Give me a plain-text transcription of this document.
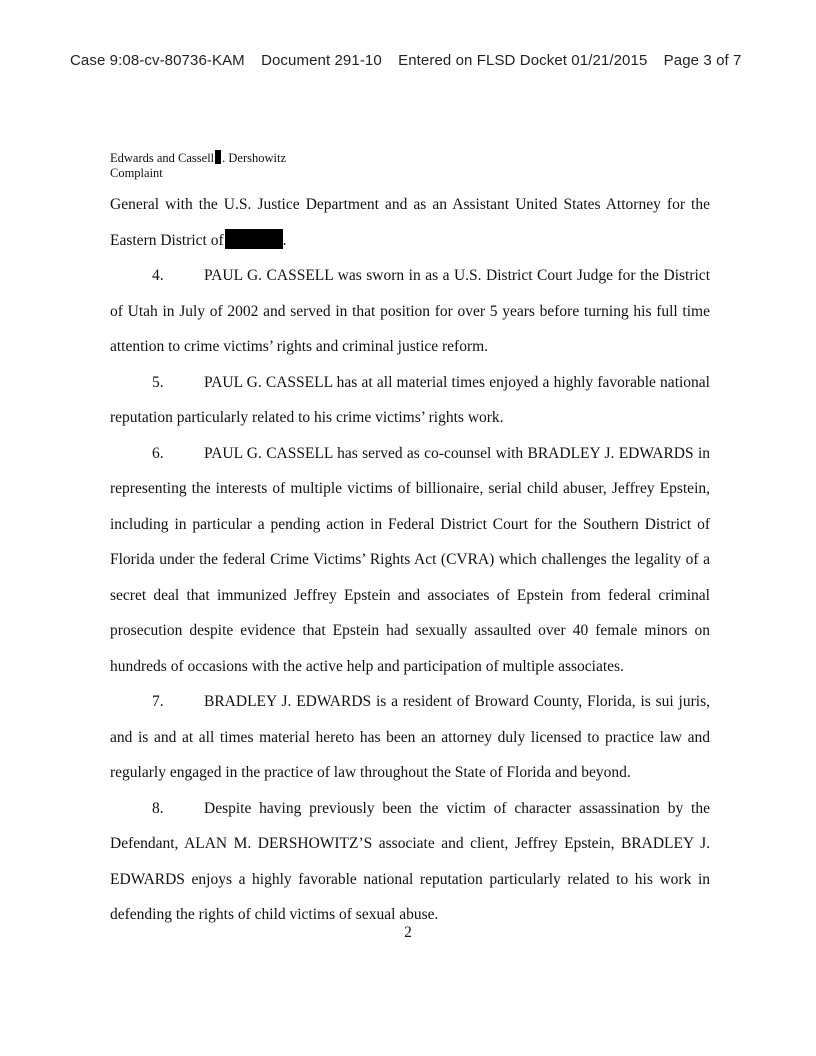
Case 9:08-cv-80736-KAM Document 291-10 Entered on FLSD Docket 01/21/2015 Page 3 of 7
Edwards and Cassell . Dershowitz
Complaint

General with the U.S. Justice Department and as an Assistant United States Attorney for the Eastern District of	.

4.	PAUL G. CASSELL was sworn in as a U.S. District Court Judge for the District of Utah in July of 2002 and served in that position for over 5 years before turning his full time attention to crime victims’ rights and criminal justice reform.

5.	PAUL G. CASSELL has at all material times enjoyed a highly favorable national reputation particularly related to his crime victims’ rights work.

6.	PAUL G. CASSELL has served as co-counsel with BRADLEY J. EDWARDS in representing the interests of multiple victims of billionaire, serial child abuser, Jeffrey Epstein, including in particular a pending action in Federal District Court for the Southern District of Florida under the federal Crime Victims’ Rights Act (CVRA) which challenges the legality of a secret deal that immunized Jeffrey Epstein and associates of Epstein from federal criminal prosecution despite evidence that Epstein had sexually assaulted over 40 female minors on hundreds of occasions with the active help and participation of multiple associates.

7.	BRADLEY J. EDWARDS is a resident of Broward County, Florida, is sui juris, and is and at all times material hereto has been an attorney duly licensed to practice law and regularly engaged in the practice of law throughout the State of Florida and beyond.

8.	Despite having previously been the victim of character assassination by the Defendant, ALAN M. DERSHOWITZ’S associate and client, Jeffrey Epstein, BRADLEY J. EDWARDS enjoys a highly favorable national reputation particularly related to his work in defending the rights of child victims of sexual abuse.

2
